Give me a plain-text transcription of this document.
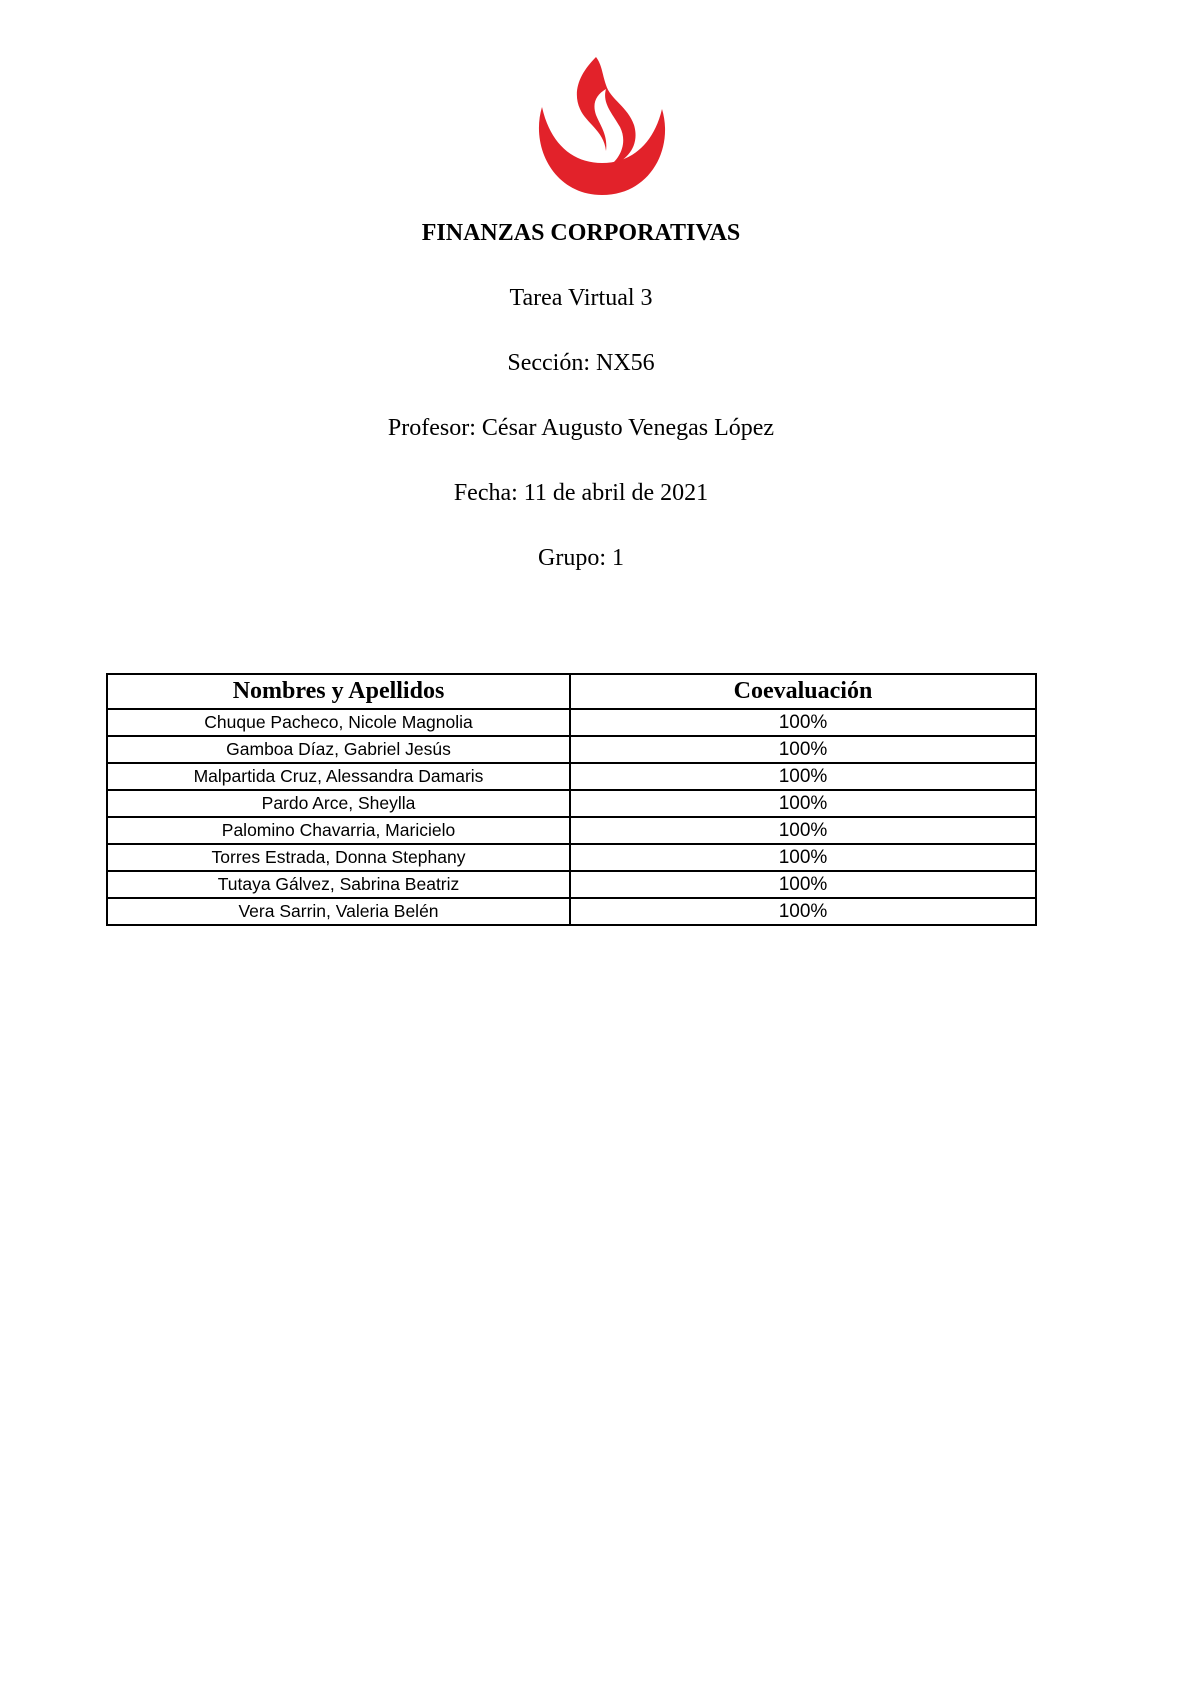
FINANZAS CORPORATIVAS
Tarea Virtual 3
Sección: NX56
Profesor: César Augusto Venegas López
Fecha: 11 de abril de 2021
Grupo: 1
Nombres y Apellidos	Coevaluación
Chuque Pacheco, Nicole Magnolia	100%
Gamboa Díaz, Gabriel Jesús	100%
Malpartida Cruz, Alessandra Damaris	100%
Pardo Arce, Sheylla	100%
Palomino Chavarria, Maricielo	100%
Torres Estrada, Donna Stephany	100%
Tutaya Gálvez, Sabrina Beatriz	100%
Vera Sarrin, Valeria Belén	100%
